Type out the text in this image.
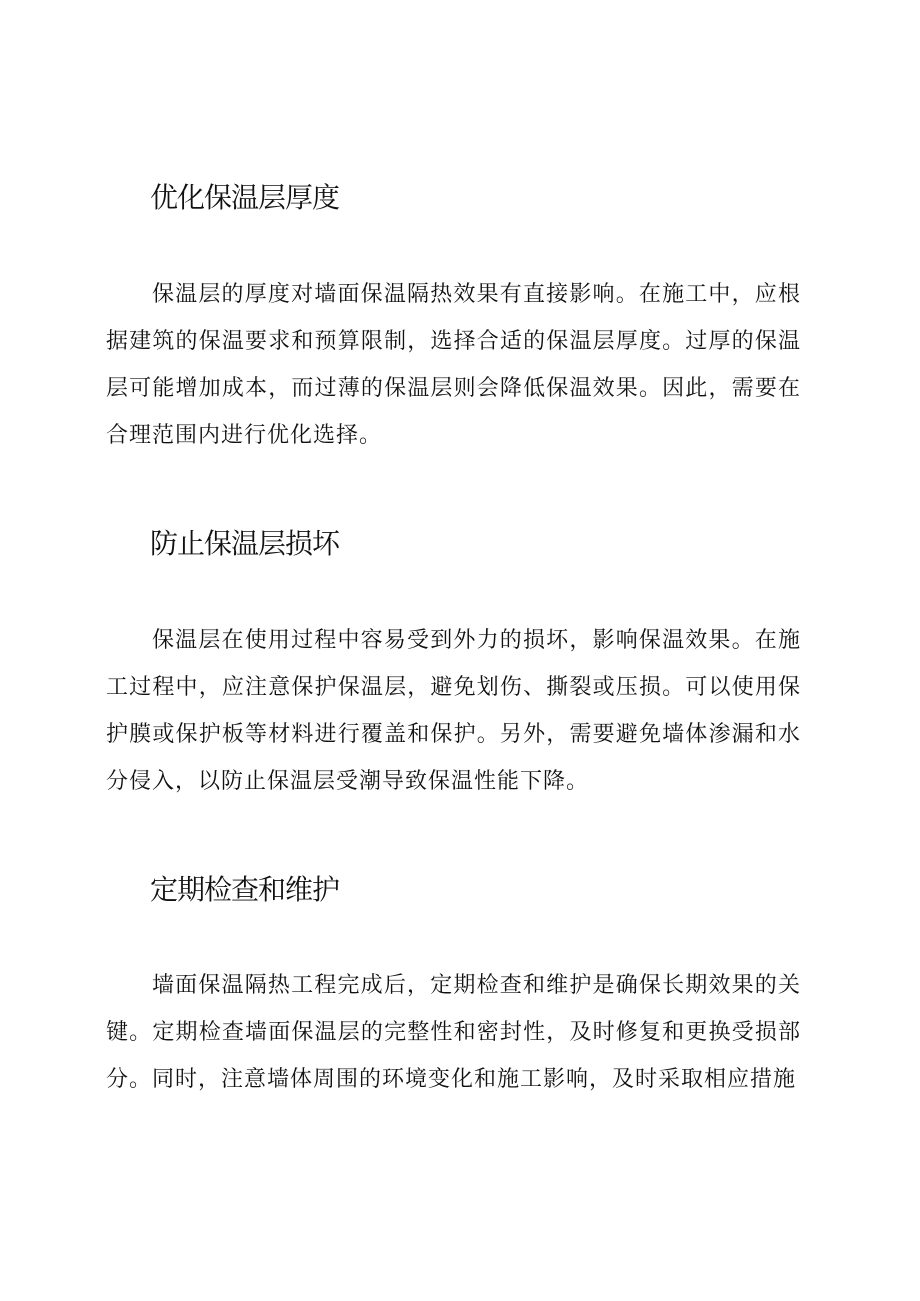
优化保温层厚度

保温层的厚度对墙面保温隔热效果有直接影响。在施工中，应根据建筑的保温要求和预算限制，选择合适的保温层厚度。过厚的保温层可能增加成本，而过薄的保温层则会降低保温效果。因此，需要在合理范围内进行优化选择。

防止保温层损坏

保温层在使用过程中容易受到外力的损坏，影响保温效果。在施工过程中，应注意保护保温层，避免划伤、撕裂或压损。可以使用保护膜或保护板等材料进行覆盖和保护。另外，需要避免墙体渗漏和水分侵入，以防止保温层受潮导致保温性能下降。

定期检查和维护

墙面保温隔热工程完成后，定期检查和维护是确保长期效果的关键。定期检查墙面保温层的完整性和密封性，及时修复和更换受损部分。同时，注意墙体周围的环境变化和施工影响，及时采取相应措施
